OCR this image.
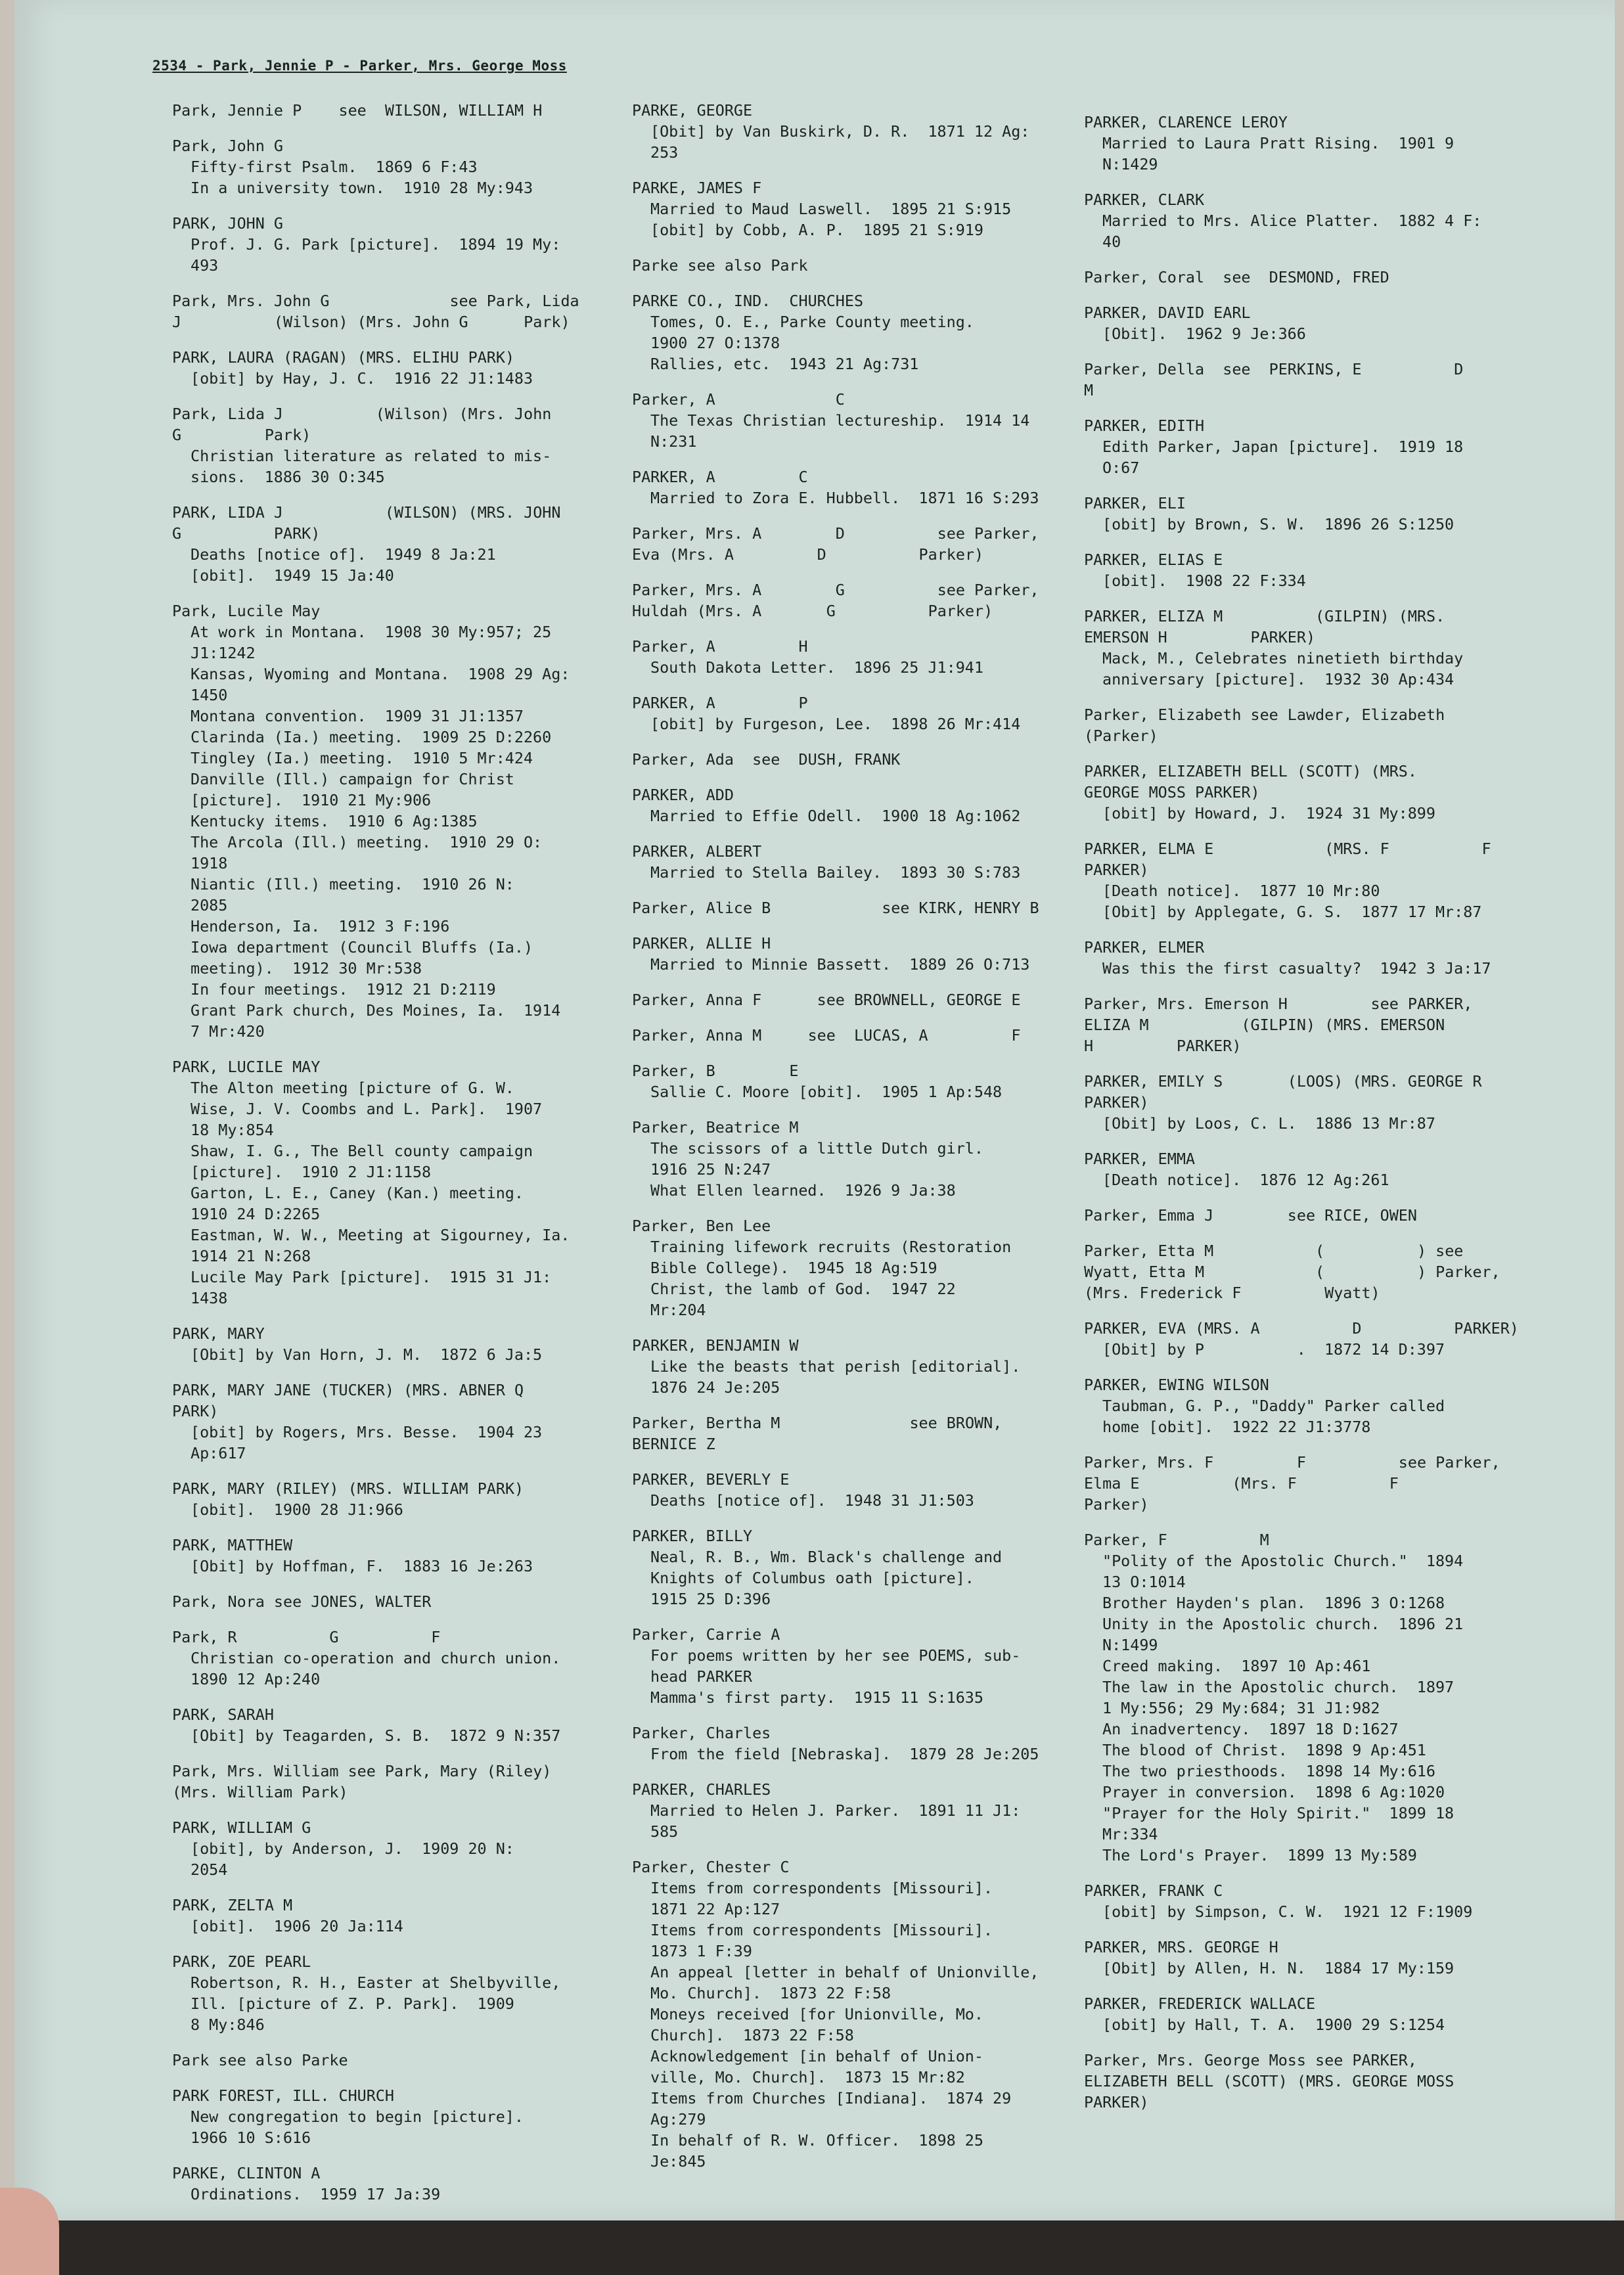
2534 - Park, Jennie P - Parker, Mrs. George Moss
Park, Jennie P    see  WILSON, WILLIAM H
Park, John G
Fifty-first Psalm.  1869 6 F:43
In a university town.  1910 28 My:943
PARK, JOHN G
Prof. J. G. Park [picture].  1894 19 My:
493
Park, Mrs. John G             see Park, Lida
J          (Wilson) (Mrs. John G      Park)
PARK, LAURA (RAGAN) (MRS. ELIHU PARK)
[obit] by Hay, J. C.  1916 22 J1:1483
Park, Lida J          (Wilson) (Mrs. John
G         Park)
Christian literature as related to mis-
sions.  1886 30 O:345
PARK, LIDA J           (WILSON) (MRS. JOHN
G          PARK)
Deaths [notice of].  1949 8 Ja:21
[obit].  1949 15 Ja:40
Park, Lucile May
At work in Montana.  1908 30 My:957; 25
J1:1242
Kansas, Wyoming and Montana.  1908 29 Ag:
1450
Montana convention.  1909 31 J1:1357
Clarinda (Ia.) meeting.  1909 25 D:2260
Tingley (Ia.) meeting.  1910 5 Mr:424
Danville (Ill.) campaign for Christ
[picture].  1910 21 My:906
Kentucky items.  1910 6 Ag:1385
The Arcola (Ill.) meeting.  1910 29 O:
1918
Niantic (Ill.) meeting.  1910 26 N:
2085
Henderson, Ia.  1912 3 F:196
Iowa department (Council Bluffs (Ia.)
meeting).  1912 30 Mr:538
In four meetings.  1912 21 D:2119
Grant Park church, Des Moines, Ia.  1914
7 Mr:420
PARK, LUCILE MAY
The Alton meeting [picture of G. W.
Wise, J. V. Coombs and L. Park].  1907
18 My:854
Shaw, I. G., The Bell county campaign
[picture].  1910 2 J1:1158
Garton, L. E., Caney (Kan.) meeting.
1910 24 D:2265
Eastman, W. W., Meeting at Sigourney, Ia.
1914 21 N:268
Lucile May Park [picture].  1915 31 J1:
1438
PARK, MARY
[Obit] by Van Horn, J. M.  1872 6 Ja:5
PARK, MARY JANE (TUCKER) (MRS. ABNER Q
PARK)
[obit] by Rogers, Mrs. Besse.  1904 23
Ap:617
PARK, MARY (RILEY) (MRS. WILLIAM PARK)
[obit].  1900 28 J1:966
PARK, MATTHEW
[Obit] by Hoffman, F.  1883 16 Je:263
Park, Nora see JONES, WALTER
Park, R          G          F
Christian co-operation and church union.
1890 12 Ap:240
PARK, SARAH
[Obit] by Teagarden, S. B.  1872 9 N:357
Park, Mrs. William see Park, Mary (Riley)
(Mrs. William Park)
PARK, WILLIAM G
[obit], by Anderson, J.  1909 20 N:
2054
PARK, ZELTA M
[obit].  1906 20 Ja:114
PARK, ZOE PEARL
Robertson, R. H., Easter at Shelbyville,
Ill. [picture of Z. P. Park].  1909
8 My:846
Park see also Parke
PARK FOREST, ILL. CHURCH
New congregation to begin [picture].
1966 10 S:616
PARKE, CLINTON A
Ordinations.  1959 17 Ja:39
PARKE, GEORGE
[Obit] by Van Buskirk, D. R.  1871 12 Ag:
253
PARKE, JAMES F
Married to Maud Laswell.  1895 21 S:915
[obit] by Cobb, A. P.  1895 21 S:919
Parke see also Park
PARKE CO., IND.  CHURCHES
Tomes, O. E., Parke County meeting.
1900 27 O:1378
Rallies, etc.  1943 21 Ag:731
Parker, A             C
The Texas Christian lectureship.  1914 14
N:231
PARKER, A         C
Married to Zora E. Hubbell.  1871 16 S:293
Parker, Mrs. A        D          see Parker,
Eva (Mrs. A         D          Parker)
Parker, Mrs. A        G          see Parker,
Huldah (Mrs. A       G          Parker)
Parker, A         H
South Dakota Letter.  1896 25 J1:941
PARKER, A         P
[obit] by Furgeson, Lee.  1898 26 Mr:414
Parker, Ada  see  DUSH, FRANK
PARKER, ADD
Married to Effie Odell.  1900 18 Ag:1062
PARKER, ALBERT
Married to Stella Bailey.  1893 30 S:783
Parker, Alice B            see KIRK, HENRY B
PARKER, ALLIE H
Married to Minnie Bassett.  1889 26 O:713
Parker, Anna F      see BROWNELL, GEORGE E
Parker, Anna M     see  LUCAS, A         F
Parker, B        E
Sallie C. Moore [obit].  1905 1 Ap:548
Parker, Beatrice M
The scissors of a little Dutch girl.
1916 25 N:247
What Ellen learned.  1926 9 Ja:38
Parker, Ben Lee
Training lifework recruits (Restoration
Bible College).  1945 18 Ag:519
Christ, the lamb of God.  1947 22
Mr:204
PARKER, BENJAMIN W
Like the beasts that perish [editorial].
1876 24 Je:205
Parker, Bertha M              see BROWN,
BERNICE Z
PARKER, BEVERLY E
Deaths [notice of].  1948 31 J1:503
PARKER, BILLY
Neal, R. B., Wm. Black's challenge and
Knights of Columbus oath [picture].
1915 25 D:396
Parker, Carrie A
For poems written by her see POEMS, sub-
head PARKER
Mamma's first party.  1915 11 S:1635
Parker, Charles
From the field [Nebraska].  1879 28 Je:205
PARKER, CHARLES
Married to Helen J. Parker.  1891 11 J1:
585
Parker, Chester C
Items from correspondents [Missouri].
1871 22 Ap:127
Items from correspondents [Missouri].
1873 1 F:39
An appeal [letter in behalf of Unionville,
Mo. Church].  1873 22 F:58
Moneys received [for Unionville, Mo.
Church].  1873 22 F:58
Acknowledgement [in behalf of Union-
ville, Mo. Church].  1873 15 Mr:82
Items from Churches [Indiana].  1874 29
Ag:279
In behalf of R. W. Officer.  1898 25
Je:845
PARKER, CLARENCE LEROY
Married to Laura Pratt Rising.  1901 9
N:1429
PARKER, CLARK
Married to Mrs. Alice Platter.  1882 4 F:
40
Parker, Coral  see  DESMOND, FRED
PARKER, DAVID EARL
[Obit].  1962 9 Je:366
Parker, Della  see  PERKINS, E          D
M
PARKER, EDITH
Edith Parker, Japan [picture].  1919 18
O:67
PARKER, ELI
[obit] by Brown, S. W.  1896 26 S:1250
PARKER, ELIAS E
[obit].  1908 22 F:334
PARKER, ELIZA M          (GILPIN) (MRS.
EMERSON H         PARKER)
Mack, M., Celebrates ninetieth birthday
anniversary [picture].  1932 30 Ap:434
Parker, Elizabeth see Lawder, Elizabeth
(Parker)
PARKER, ELIZABETH BELL (SCOTT) (MRS.
GEORGE MOSS PARKER)
[obit] by Howard, J.  1924 31 My:899
PARKER, ELMA E            (MRS. F          F
PARKER)
[Death notice].  1877 10 Mr:80
[Obit] by Applegate, G. S.  1877 17 Mr:87
PARKER, ELMER
Was this the first casualty?  1942 3 Ja:17
Parker, Mrs. Emerson H         see PARKER,
ELIZA M          (GILPIN) (MRS. EMERSON
H         PARKER)
PARKER, EMILY S       (LOOS) (MRS. GEORGE R
PARKER)
[Obit] by Loos, C. L.  1886 13 Mr:87
PARKER, EMMA
[Death notice].  1876 12 Ag:261
Parker, Emma J        see RICE, OWEN
Parker, Etta M           (          ) see
Wyatt, Etta M            (          ) Parker,
(Mrs. Frederick F         Wyatt)
PARKER, EVA (MRS. A          D          PARKER)
[Obit] by P          .  1872 14 D:397
PARKER, EWING WILSON
Taubman, G. P., "Daddy" Parker called
home [obit].  1922 22 J1:3778
Parker, Mrs. F         F          see Parker,
Elma E          (Mrs. F          F
Parker)
Parker, F          M
"Polity of the Apostolic Church."  1894
13 O:1014
Brother Hayden's plan.  1896 3 O:1268
Unity in the Apostolic church.  1896 21
N:1499
Creed making.  1897 10 Ap:461
The law in the Apostolic church.  1897
1 My:556; 29 My:684; 31 J1:982
An inadvertency.  1897 18 D:1627
The blood of Christ.  1898 9 Ap:451
The two priesthoods.  1898 14 My:616
Prayer in conversion.  1898 6 Ag:1020
"Prayer for the Holy Spirit."  1899 18
Mr:334
The Lord's Prayer.  1899 13 My:589
PARKER, FRANK C
[obit] by Simpson, C. W.  1921 12 F:1909
PARKER, MRS. GEORGE H
[Obit] by Allen, H. N.  1884 17 My:159
PARKER, FREDERICK WALLACE
[obit] by Hall, T. A.  1900 29 S:1254
Parker, Mrs. George Moss see PARKER,
ELIZABETH BELL (SCOTT) (MRS. GEORGE MOSS
PARKER)
